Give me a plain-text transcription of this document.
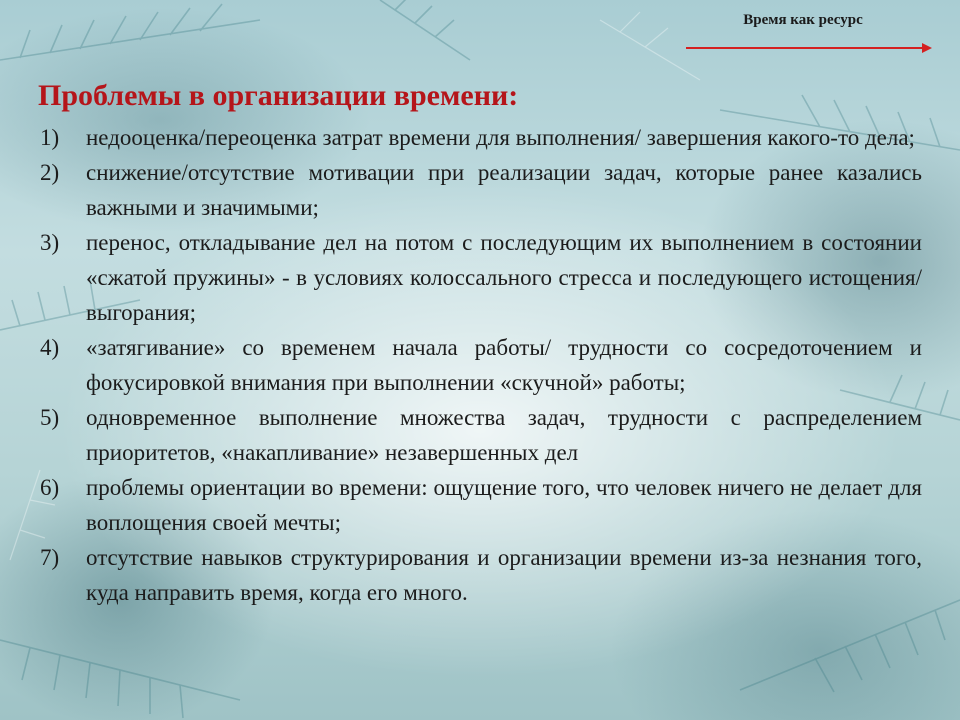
Время как ресурс
Проблемы в организации времени:
1) недооценка/переоценка затрат времени для выполнения/ завершения какого-то дела;
2) снижение/отсутствие мотивации при реализации задач, которые ранее казались важными и значимыми;
3) перенос, откладывание дел на потом с последующим их выполнением в состоянии «сжатой пружины» - в условиях колоссального стресса и последующего истощения/выгорания;
4) «затягивание» со временем начала работы/ трудности со сосредоточением и фокусировкой внимания при выполнении «скучной» работы;
5) одновременное выполнение множества задач, трудности с распределением приоритетов, «накапливание» незавершенных дел
6) проблемы ориентации во времени: ощущение того, что человек ничего не делает для воплощения своей мечты;
7) отсутствие навыков структурирования и организации времени из-за незнания того, куда направить время, когда его много.
